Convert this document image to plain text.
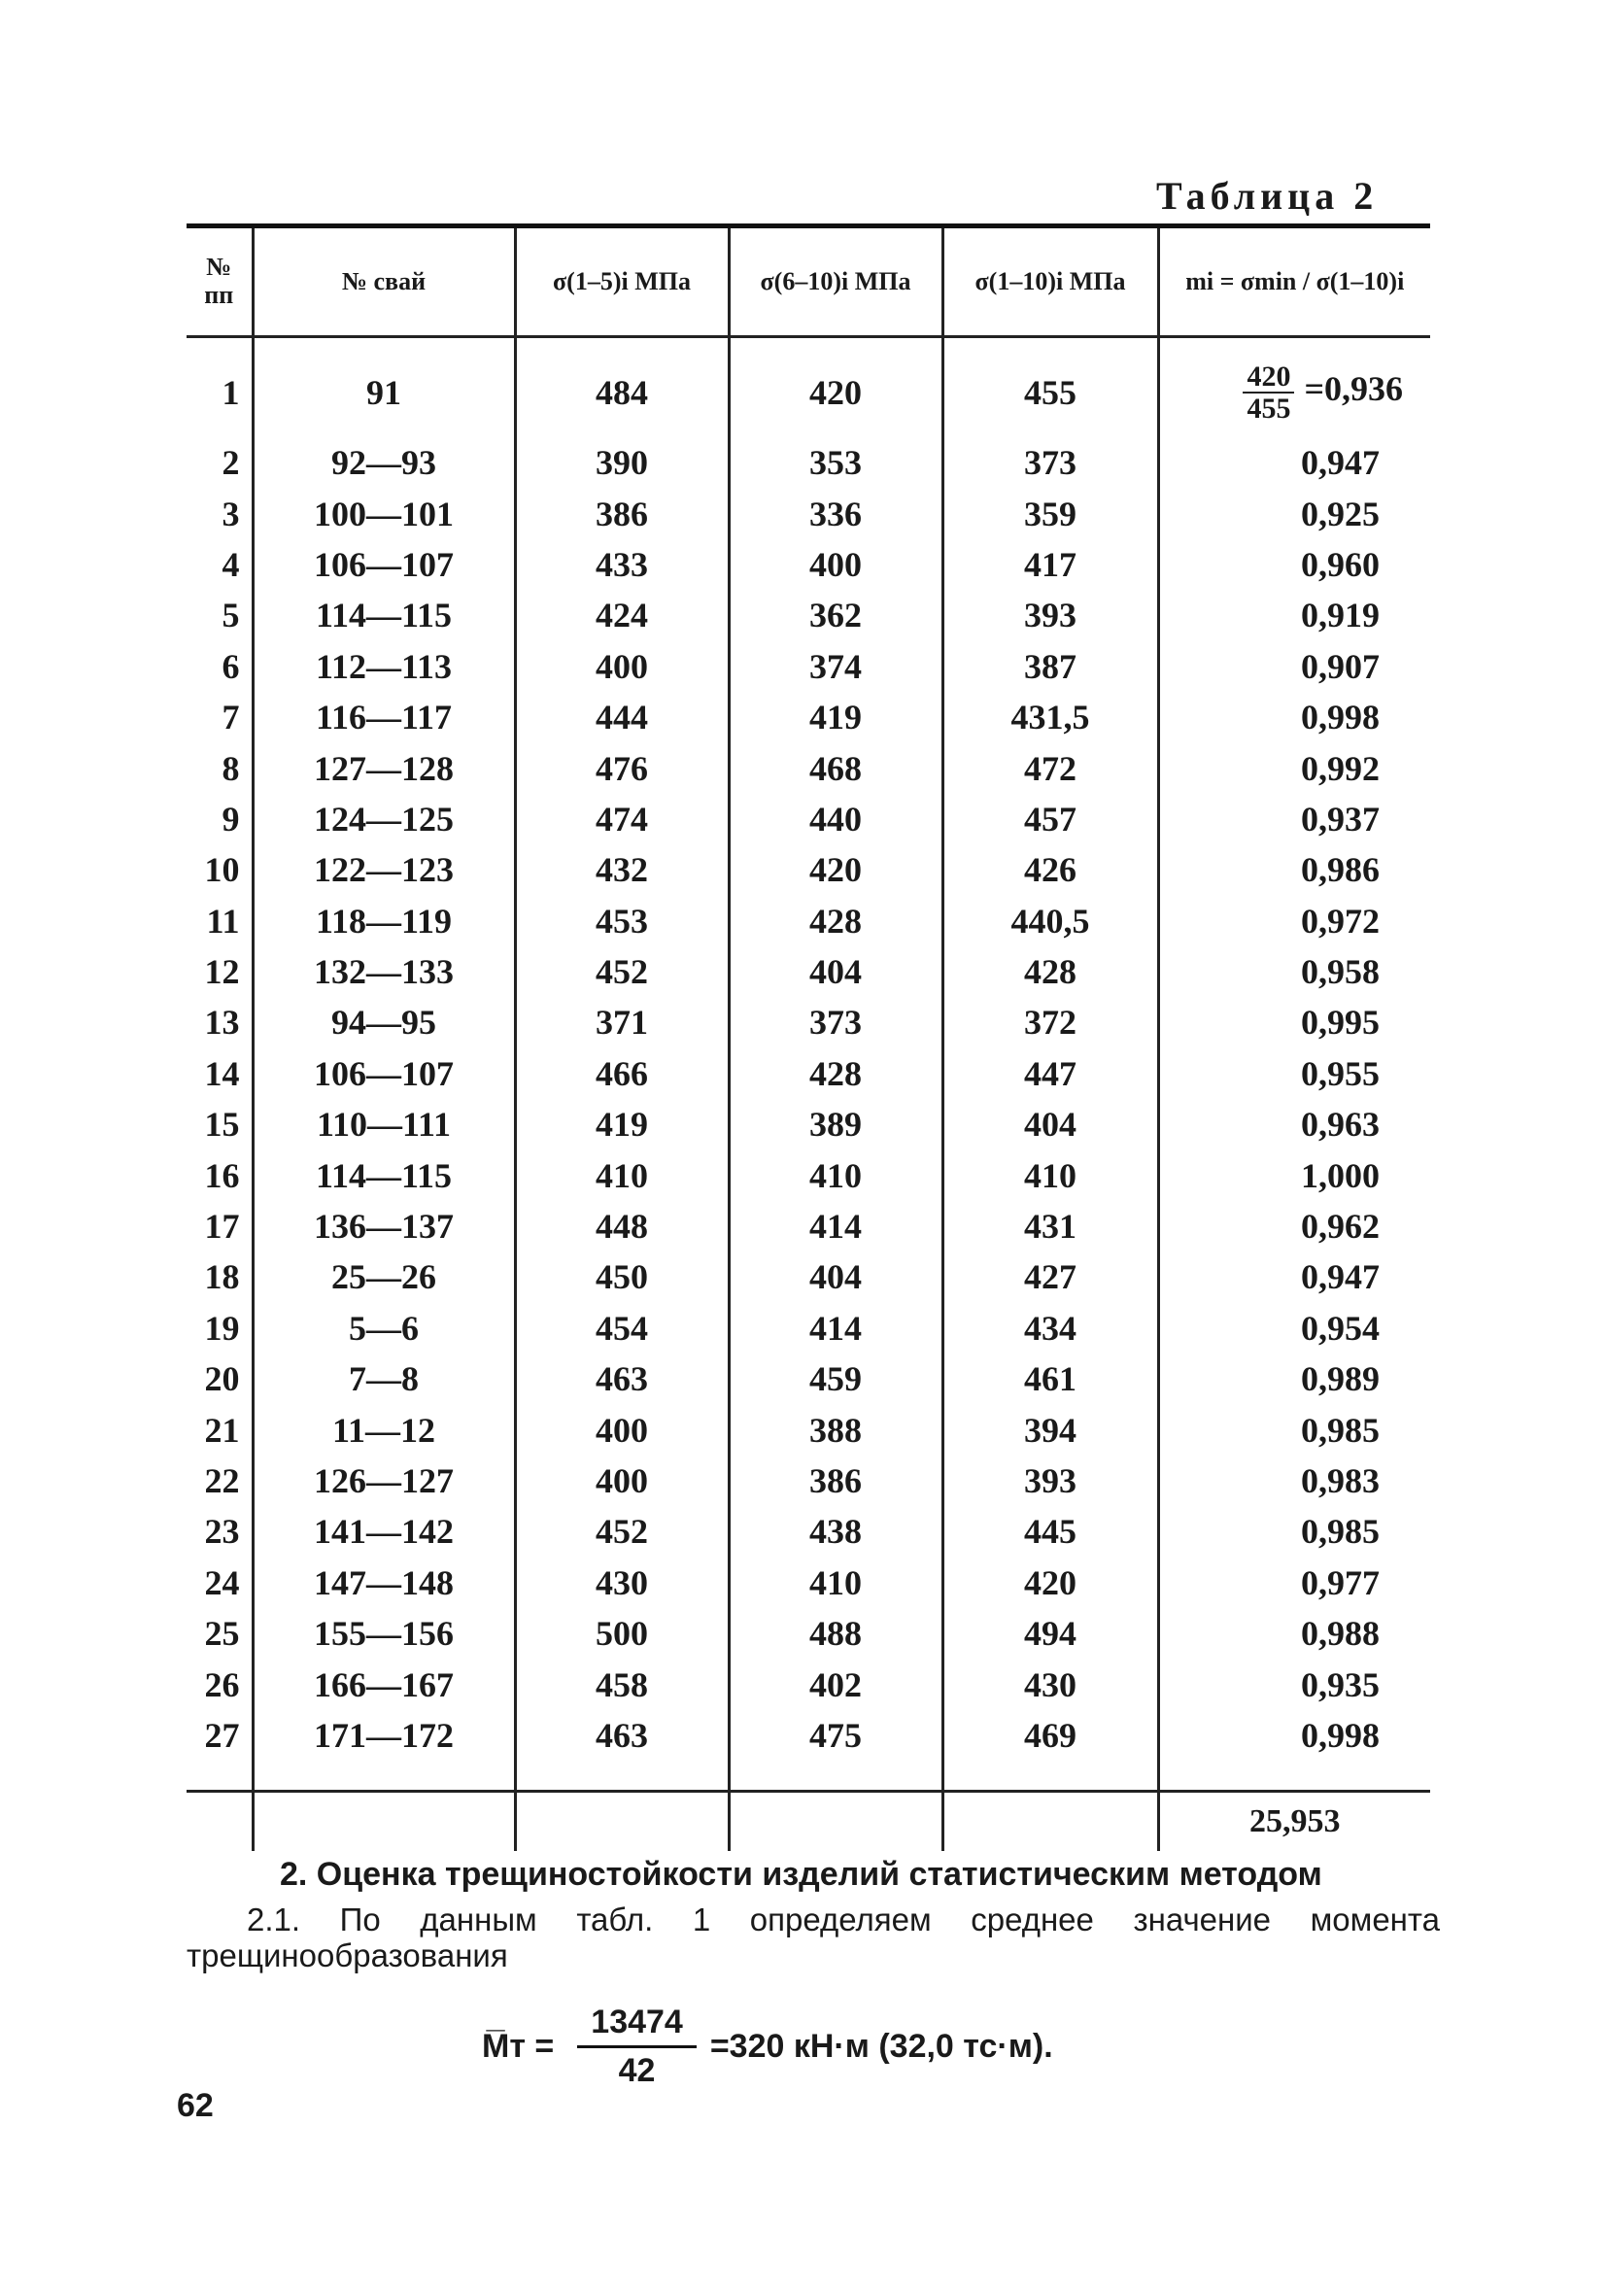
Таблица 2
№ пп	№ свай	σ(1–5)i МПа	σ(6–10)i МПа	σ(1–10)i МПа	mi = σmin / σ(1–10)i
1	91	484	420	455	$\frac{420}{455} =0,936$
2	92—93	390	353	373	0,947
3	100—101	386	336	359	0,925
4	106—107	433	400	417	0,960
5	114—115	424	362	393	0,919
6	112—113	400	374	387	0,907
7	116—117	444	419	431,5	0,998
8	127—128	476	468	472	0,992
9	124—125	474	440	457	0,937
10	122—123	432	420	426	0,986
11	118—119	453	428	440,5	0,972
12	132—133	452	404	428	0,958
13	94—95	371	373	372	0,995
14	106—107	466	428	447	0,955
15	110—111	419	389	404	0,963
16	114—115	410	410	410	1,000
17	136—137	448	414	431	0,962
18	25—26	450	404	427	0,947
19	5—6	454	414	434	0,954
20	7—8	463	459	461	0,989
21	11—12	400	388	394	0,985
22	126—127	400	386	393	0,983
23	141—142	452	438	445	0,985
24	147—148	430	410	420	0,977
25	155—156	500	488	494	0,988
26	166—167	458	402	430	0,935
27	171—172	463	475	469	0,998
					25,953
2. Оценка трещиностойкости изделий статистическим методом

2.1. По данным табл. 1 определяем среднее значение момента трещинообразования

M̅т = $\frac{13474}{42} =320$ кН·м (32,0 тс·м).
62
